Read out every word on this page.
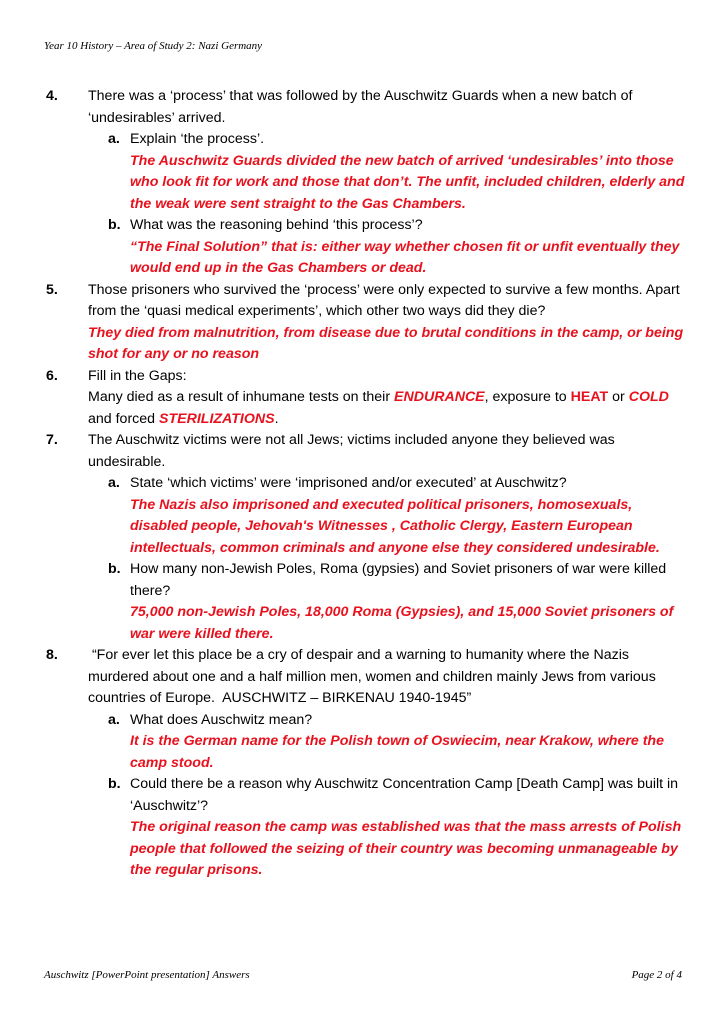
Year 10 History – Area of Study 2: Nazi Germany
4.	There was a ‘process’ that was followed by the Auschwitz Guards when a new batch of ‘undesirables’ arrived.
a. Explain ‘the process’.
The Auschwitz Guards divided the new batch of arrived ‘undesirables’ into those who look fit for work and those that don’t. The unfit, included children, elderly and the weak were sent straight to the Gas Chambers.
b. What was the reasoning behind ‘this process’?
“The Final Solution” that is: either way whether chosen fit or unfit eventually they would end up in the Gas Chambers or dead.
5.	Those prisoners who survived the ‘process’ were only expected to survive a few months. Apart from the ‘quasi medical experiments’, which other two ways did they die?
They died from malnutrition, from disease due to brutal conditions in the camp, or being shot for any or no reason
6.	Fill in the Gaps:
Many died as a result of inhumane tests on their ENDURANCE, exposure to HEAT or COLD and forced STERILIZATIONS.
7.	The Auschwitz victims were not all Jews; victims included anyone they believed was undesirable.
a. State ‘which victims’ were ‘imprisoned and/or executed’ at Auschwitz?
The Nazis also imprisoned and executed political prisoners, homosexuals, disabled people, Jehovah's Witnesses , Catholic Clergy, Eastern European intellectuals, common criminals and anyone else they considered undesirable.
b. How many non-Jewish Poles, Roma (gypsies) and Soviet prisoners of war were killed there?
75,000 non-Jewish Poles, 18,000 Roma (Gypsies), and 15,000 Soviet prisoners of war were killed there.
8.	“For ever let this place be a cry of despair and a warning to humanity where the Nazis murdered about one and a half million men, women and children mainly Jews from various countries of Europe.  AUSCHWITZ – BIRKENAU 1940-1945”
a. What does Auschwitz mean?
It is the German name for the Polish town of Oswiecim, near Krakow, where the camp stood.
b. Could there be a reason why Auschwitz Concentration Camp [Death Camp] was built in ‘Auschwitz’?
The original reason the camp was established was that the mass arrests of Polish people that followed the seizing of their country was becoming unmanageable by the regular prisons.
Auschwitz [PowerPoint presentation] Answers	Page 2 of 4
